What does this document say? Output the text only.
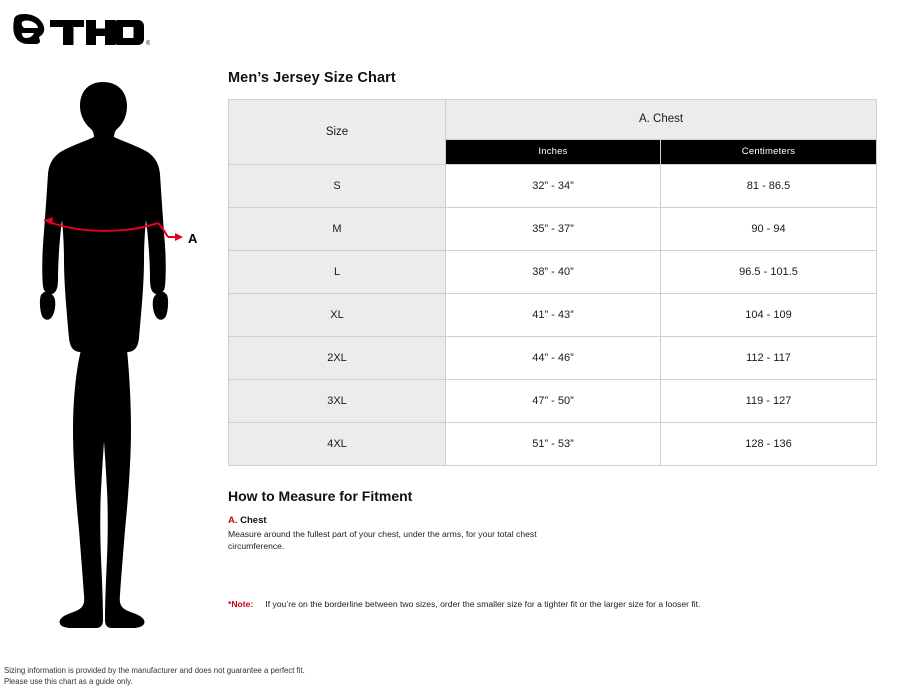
®
A
Men’s Jersey Size Chart
Size	A. Chest	
	Inches	Centimeters
S	32” - 34”	81 - 86.5
M	35” - 37”	90 - 94
L	38” - 40”	96.5 - 101.5
XL	41” - 43”	104 - 109
2XL	44” - 46”	112 - 117
3XL	47” - 50”	119 - 127
4XL	51” - 53”	128 - 136
How to Measure for Fitment
A. Chest
Measure around the fullest part of your chest, under the arms, for your total chest circumference.
*Note: If you’re on the borderline between two sizes, order the smaller size for a tighter fit or the larger size for a looser fit.
Sizing information is provided by the manufacturer and does not guarantee a perfect fit.
Please use this chart as a guide only.
